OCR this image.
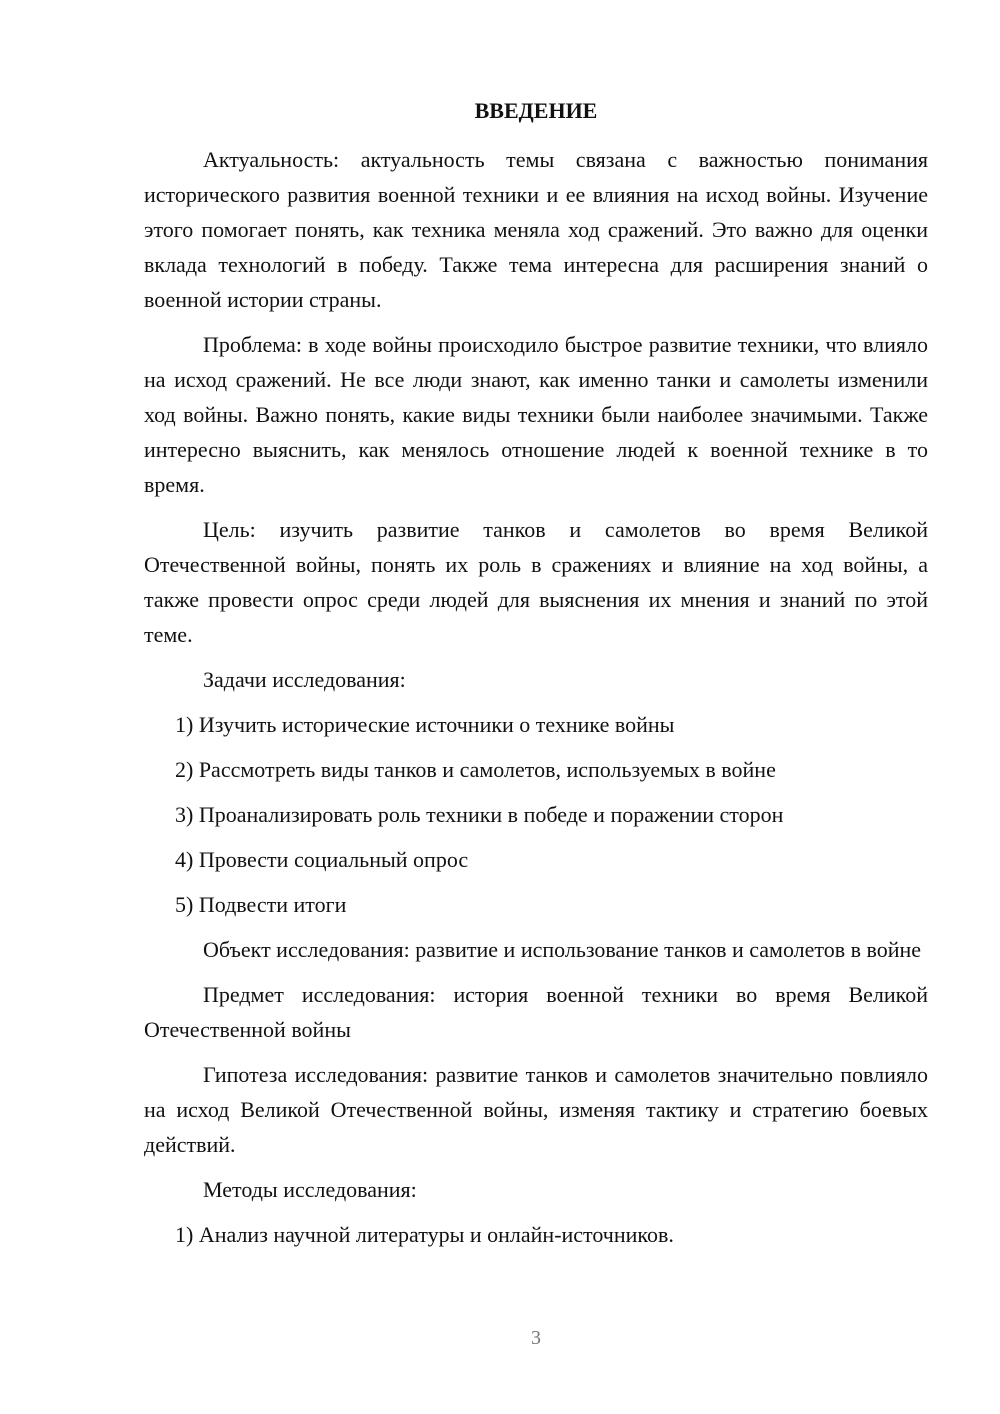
ВВЕДЕНИЕ

Актуальность: актуальность темы связана с важностью понимания исторического развития военной техники и ее влияния на исход войны. Изучение этого помогает понять, как техника меняла ход сражений. Это важно для оценки вклада технологий в победу. Также тема интересна для расширения знаний о военной истории страны.

Проблема: в ходе войны происходило быстрое развитие техники, что влияло на исход сражений. Не все люди знают, как именно танки и самолеты изменили ход войны. Важно понять, какие виды техники были наиболее значимыми. Также интересно выяснить, как менялось отношение людей к военной технике в то время.

Цель: изучить развитие танков и самолетов во время Великой Отечественной войны, понять их роль в сражениях и влияние на ход войны, а также провести опрос среди людей для выяснения их мнения и знаний по этой теме.

Задачи исследования:

1) Изучить исторические источники о технике войны

2) Рассмотреть виды танков и самолетов, используемых в войне

3) Проанализировать роль техники в победе и поражении сторон

4) Провести социальный опрос

5) Подвести итоги

Объект исследования: развитие и использование танков и самолетов в войне

Предмет исследования: история военной техники во время Великой Отечественной войны

Гипотеза исследования: развитие танков и самолетов значительно повлияло на исход Великой Отечественной войны, изменяя тактику и стратегию боевых действий.

Методы исследования:

1) Анализ научной литературы и онлайн-источников.

3
